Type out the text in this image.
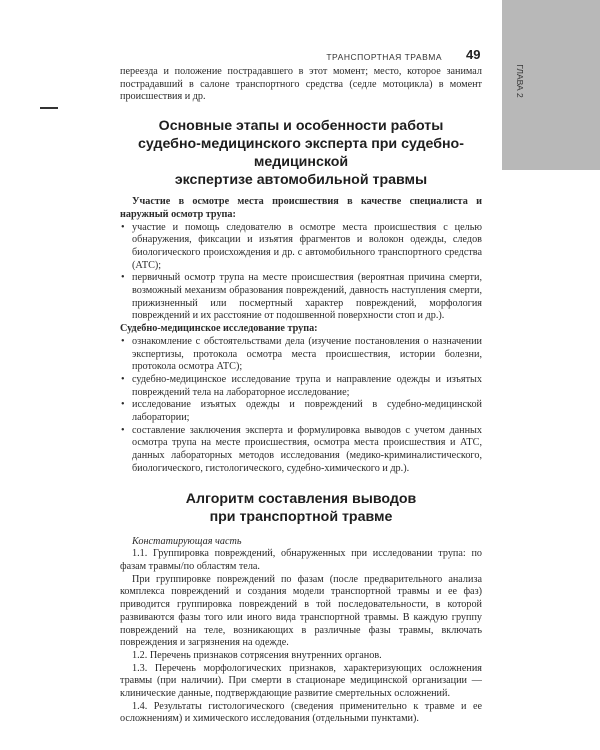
ГЛАВА 2
ТРАНСПОРТНАЯ ТРАВМА 49

переезда и положение пострадавшего в этот момент; место, которое занимал пострадавший в салоне транспортного средства (седле мотоцикла) в момент происшествия и др.

Основные этапы и особенности работы
судебно-медицинского эксперта при судебно-медицинской
экспертизе автомобильной травмы

Участие в осмотре места происшествия в качестве специалиста и наружный осмотр трупа:

• участие и помощь следователю в осмотре места происшествия с целью обнаружения, фиксации и изъятия фрагментов и волокон одежды, следов биологического происхождения и др. с автомобильного транспортного средства (АТС);
• первичный осмотр трупа на месте происшествия (вероятная причина смерти, возможный механизм образования повреждений, давность наступления смерти, прижизненный или посмертный характер повреждений, морфология повреждений и их расстояние от подошвенной поверхности стоп и др.).

Судебно-медицинское исследование трупа:

• ознакомление с обстоятельствами дела (изучение постановления о назначении экспертизы, протокола осмотра места происшествия, истории болезни, протокола осмотра АТС);
• судебно-медицинское исследование трупа и направление одежды и изъятых повреждений тела на лабораторное исследование;
• исследование изъятых одежды и повреждений в судебно-медицинской лаборатории;
• составление заключения эксперта и формулировка выводов с учетом данных осмотра трупа на месте происшествия, осмотра места происшествия и АТС, данных лабораторных методов исследования (медико-криминалистического, биологического, гистологического, судебно-химического и др.).
Алгоритм составления выводов
при транспортной травме

Констатирующая часть

1.1. Группировка повреждений, обнаруженных при исследовании трупа: по фазам травмы/по областям тела.

При группировке повреждений по фазам (после предварительного анализа комплекса повреждений и создания модели транспортной травмы и ее фаз) приводится группировка повреждений в той последовательности, в которой развиваются фазы того или иного вида транспортной травмы. В каждую группу повреждений на теле, возникающих в различные фазы травмы, включать повреждения и загрязнения на одежде.

1.2. Перечень признаков сотрясения внутренних органов.

1.3. Перечень морфологических признаков, характеризующих осложнения травмы (при наличии). При смерти в стационаре медицинской организации — клинические данные, подтверждающие развитие смертельных осложнений.

1.4. Результаты гистологического (сведения применительно к травме и ее осложнениям) и химического исследования (отдельными пунктами).
